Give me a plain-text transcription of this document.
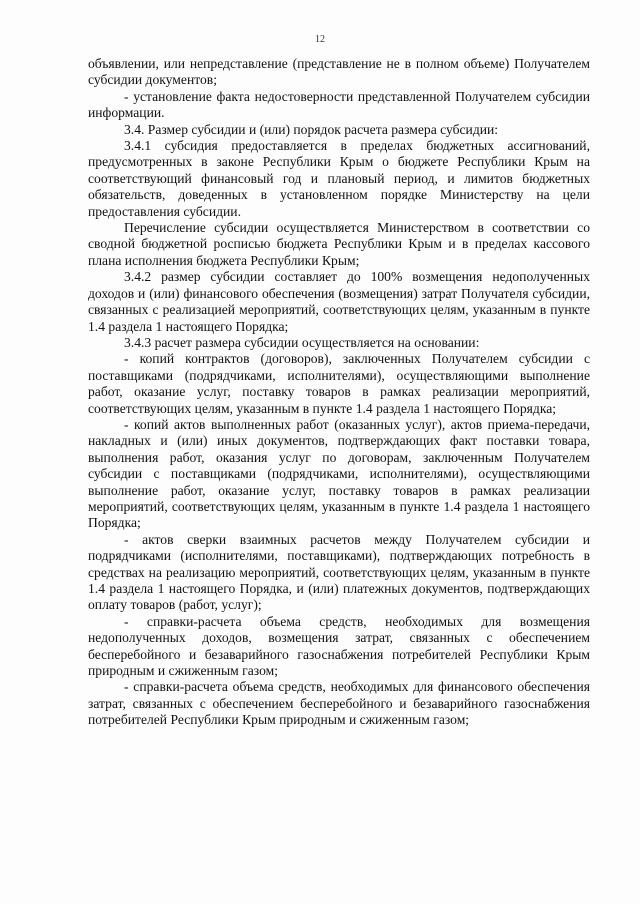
12

объявлении, или непредставление (представление не в полном объеме) Получателем субсидии документов;

- установление факта недостоверности представленной Получателем субсидии информации.

3.4. Размер субсидии и (или) порядок расчета размера субсидии:

3.4.1 субсидия предоставляется в пределах бюджетных ассигнований, предусмотренных в законе Республики Крым о бюджете Республики Крым на соответствующий финансовый год и плановый период, и лимитов бюджетных обязательств, доведенных в установленном порядке Министерству на цели предоставления субсидии.

Перечисление субсидии осуществляется Министерством в соответствии со сводной бюджетной росписью бюджета Республики Крым и в пределах кассового плана исполнения бюджета Республики Крым;

3.4.2 размер субсидии составляет до 100% возмещения недополученных доходов и (или) финансового обеспечения (возмещения) затрат Получателя субсидии, связанных с реализацией мероприятий, соответствующих целям, указанным в пункте 1.4 раздела 1 настоящего Порядка;

3.4.3 расчет размера субсидии осуществляется на основании:

- копий контрактов (договоров), заключенных Получателем субсидии с поставщиками (подрядчиками, исполнителями), осуществляющими выполнение работ, оказание услуг, поставку товаров в рамках реализации мероприятий, соответствующих целям, указанным в пункте 1.4 раздела 1 настоящего Порядка;

- копий актов выполненных работ (оказанных услуг), актов приема-передачи, накладных и (или) иных документов, подтверждающих факт поставки товара, выполнения работ, оказания услуг по договорам, заключенным Получателем субсидии с поставщиками (подрядчиками, исполнителями), осуществляющими выполнение работ, оказание услуг, поставку товаров в рамках реализации мероприятий, соответствующих целям, указанным в пункте 1.4 раздела 1 настоящего Порядка;

- актов сверки взаимных расчетов между Получателем субсидии и подрядчиками (исполнителями, поставщиками), подтверждающих потребность в средствах на реализацию мероприятий, соответствующих целям, указанным в пункте 1.4 раздела 1 настоящего Порядка, и (или) платежных документов, подтверждающих оплату товаров (работ, услуг);

- справки-расчета объема средств, необходимых для возмещения недополученных доходов, возмещения затрат, связанных с обеспечением бесперебойного и безаварийного газоснабжения потребителей Республики Крым природным и сжиженным газом;

- справки-расчета объема средств, необходимых для финансового обеспечения затрат, связанных с обеспечением бесперебойного и безаварийного газоснабжения потребителей Республики Крым природным и сжиженным газом;
